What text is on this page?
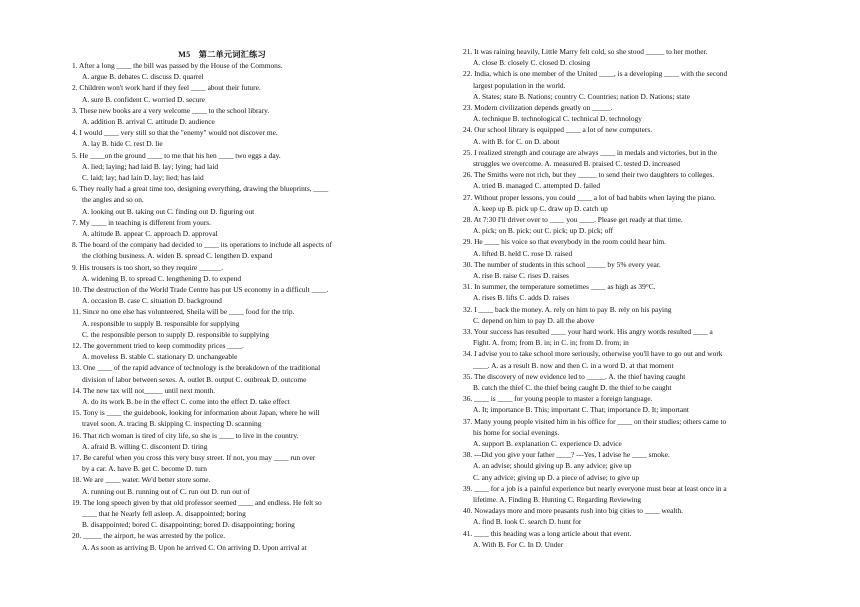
M5　第二单元词汇练习
1. After a long ____ the bill was passed by the House of the Commons.
A. argue B. debates C. discuss D. quarrel
2. Children won't work hard if they feel ____ about their future.
A. sure B. confident C. worried D. secure
3. These new books are a very welcome ____ to the school library.
A. addition B. arrival C. attitude D. audience
4. I would ____ very still so that the "enemy" would not discover me.
A. lay B. hide C. rest D. lie
5. He ____on the ground ____ to me that his hen ____ two eggs a day.
A. lied; laying; had laid B. lay; lying; had laid
C. laid; lay; had lain D. lay; lied; has laid
6. They really had a great time too, designing everything, drawing the blueprints, ____
the angles and so on.
A. looking out B. taking out C. finding out D. figuring out
7. My ____ in teaching is different from yours.
A. altitude B. appear C. approach D. approval
8. The board of the company had decided to ____ its operations to include all aspects of
the clothing business. A. widen B. spread C. lengthen D. expand
9. His trousers is too short, so they require ______.
A. widening B. to spread C. lengthening D. to expend
10. The destruction of the World Trade Centre has put US economy in a difficult ____.
A. occasion B. case C. situation D. background
11. Since no one else has volunteered, Sheila will be ____ food for the trip.
A. responsible to supply B. responsible for supplying
C. the responsible person to supply D. responsible to supplying
12. The government tried to keep commodity prices ____.
A. moveless B. stable C. stationary D. unchangeable
13. One ____ of the rapid advance of technology is the breakdown of the traditional
division of labor between sexes. A. outlet B. output C. outbreak D. outcome
14. The new tax will not_____ until next month.
A. do its work B. be in the effect C. come into the effect D. take effect
15. Tony is ____ the guidebook, looking for information about Japan, where he will
travel soon. A. tracing B. skipping C. inspecting D. scanning
16. That rich woman is tired of city life, so she is ____ to live in the country.
A. afraid B. willing C. discontent D. tiring
17. Be careful when you cross this very busy street. If not, you may ____ run over
by a car. A. have B. get C. become D. turn
18. We are ____ water. We'd better store some.
A. running out B. running out of C. run out D. run out of
19. The long speech given by that old professor seemed ____ and endless. He felt so
____ that he Nearly fell asleep. A. disappointed; boring
B. disappointed; bored C. disappointing; bored D. disappointing; boring
20. _____ the airport, he was arrested by the police.
A. As soon as arriving B. Upon he arrived C. On arriving D. Upon arrival at
21. It was raining heavily, Little Marry felt cold, so she stood _____ to her mother.
A. close B. closely C. closed D. closing
22. India, which is one member of the United ____, is a developing ____ with the second
largest population in the world.
A. States; state B. Nations; country C. Countries; nation D. Nations; state
23. Modern civilization depends greatly on _____.
A. technique B. technological C. technical D. technology
24. Our school library is equipped ____ a lot of new computers.
A. with B. for C. on D. about
25. I realized strength and courage are always ____ in medals and victories, but in the
struggles we overcome. A. measured B. praised C. tested D. increased
26. The Smiths were not rich, but they _____ to send their two daughters to colleges.
A. tried B. managed C. attempted D. failed
27. Without proper lessons, you could ____ a lot of bad habits when laying the piano.
A. keep up B. pick up C. draw up D. catch up
28. At 7:30 I'll driver over to ____ you ____. Please get ready at that time.
A. pick; on B. pick; out C. pick; up D. pick; off
29. He ____ his voice so that everybody in the room could hear him.
A. lifted B. held C. rose D. raised
30. The number of students in this school _____ by 5% every year.
A. rise B. raise C. rises D. raises
31. In summer, the temperature sometimes ____ as high as 39°C.
A. rises B. lifts C. adds D. raises
32. I ____ back the money. A. rely on him to pay B. rely on his paying
C. depend on him to pay D. all the above
33. Your success has resulted ____ your hard work. His angry words resulted ____ a
Fight. A. from; from B. in; in C. in; from D. from; in
34. I advise you to take school more seriously, otherwise you'll have to go out and work
____. A. as a result B. now and then C. in a word D. at that moment
35. The discovery of new evidence led to _____. A. the thief having caught
B. catch the thief C. the thief being caught D. the thief to be caught
36. ____ is ____ for young people to master a foreign language.
A. It; importance B. This; important C. That; importance D. It; important
37. Many young people visited him in his office for ____ on their studies; others came to
his home for social evenings.
A. support B. explanation C. experience D. advice
38. ---Did you give your father ____? ---Yes, I advise he ____ smoke.
A. an advise; should giving up B. any advice; give up
C. any advice; giving up D. a piece of advise; to give up
39. ____ for a job is a painful experience but nearly everyone must bear at least once in a
lifetime. A. Finding B. Hunting C. Regarding Reviewing
40. Nowadays more and more peasants rush into big cities to ____ wealth.
A. find B. look C. search D. hunt for
41. ____ this heading was a long article about that event.
A. With B. For C. In D. Under
